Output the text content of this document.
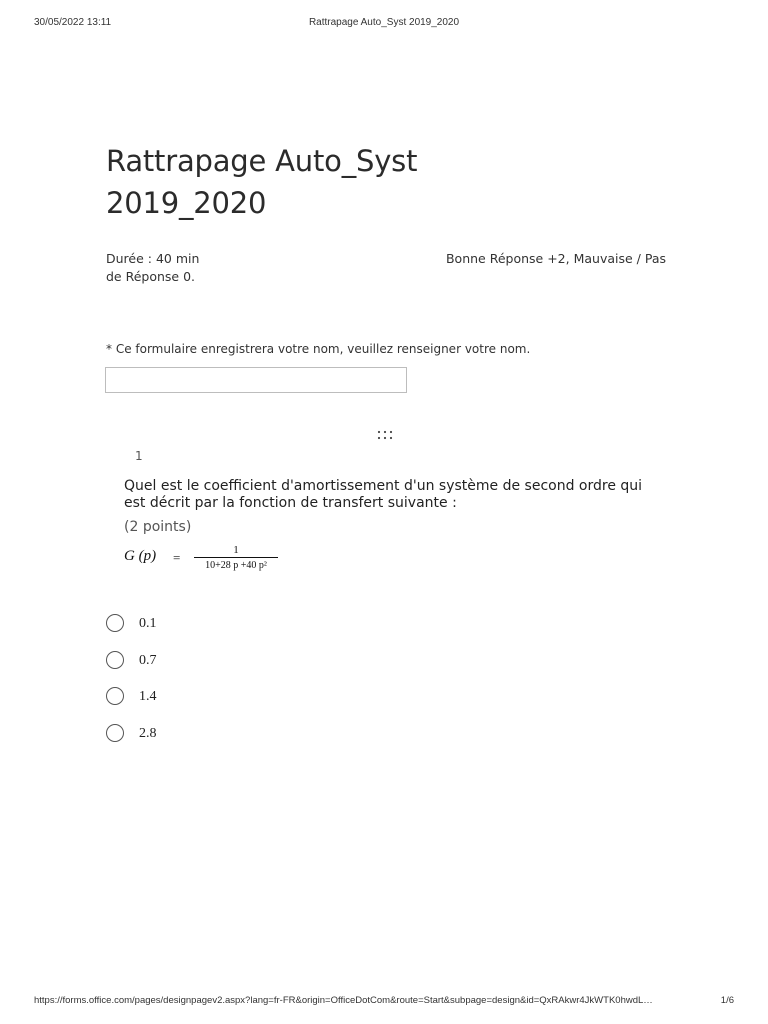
30/05/2022 13:11	Rattrapage Auto_Syst 2019_2020
Rattrapage Auto_Syst
2019_2020
Durée : 40 min	Bonne Réponse +2, Mauvaise / Pas
de Réponse 0.
* Ce formulaire enregistrera votre nom, veuillez renseigner votre nom.
1

Quel est le coefficient d'amortissement d'un système de second ordre qui est décrit par la fonction de transfert suivante :

(2 points)
G (p) =	1
10+28 p +40 p²
0.1
0.7
1.4
2.8
https://forms.office.com/pages/designpagev2.aspx?lang=fr-FR&origin=OfficeDotCom&route=Start&subpage=design&id=QxRAkwr4JkWTK0hwdL…	1/6
